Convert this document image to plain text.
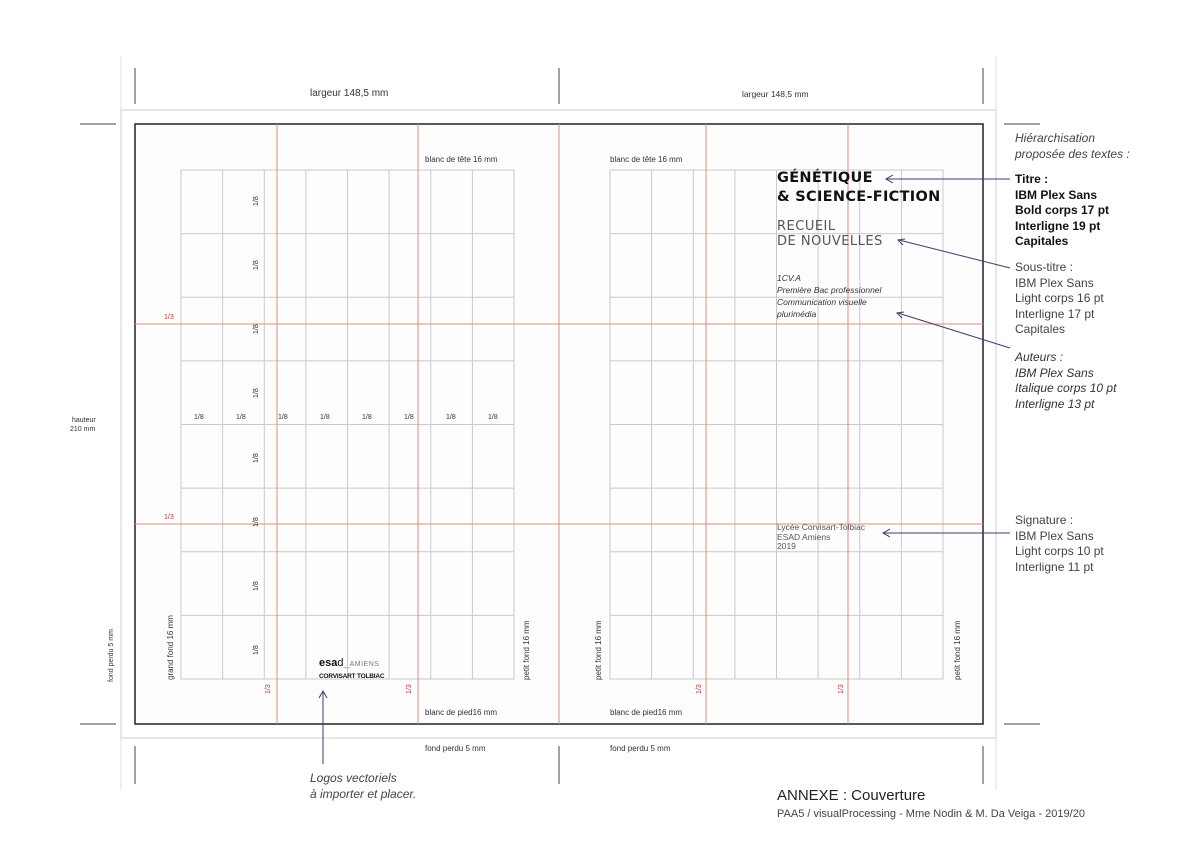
largeur 148,5 mm	largeur 148,5 mm
hauteur
210 mm
fond perdu 5 mm
fond perdu 5 mm	fond perdu 5 mm
blanc de tête 16 mm	blanc de tête 16 mm
blanc de pied16 mm	blanc de pied16 mm
grand fond 16 mm	petit fond 16 mm	petit fond 16 mm	petit fond 16 mm
1/8	1/8	1/8	1/8	1/8	1/8	1/8	1/8
1/8
1/8
1/8
1/8
1/8
1/8
1/8
1/8
1/3
1/3
1/3	1/3	1/3	1/3
esad_AMIENS
CORVISART TOLBIAC
GÉNÉTIQUE
& SCIENCE-FICTION
RECUEIL
DE NOUVELLES
1CV.A
Première Bac professionnel
Communication visuelle
plurimédia
Lycée Corvisart-Tolbiac
ESAD Amiens
2019
Hiérarchisation
proposée des textes :
Titre :
IBM Plex Sans
Bold corps 17 pt
Interligne 19 pt
Capitales
Sous-titre :
IBM Plex Sans
Light corps 16 pt
Interligne 17 pt
Capitales
Auteurs :
IBM Plex Sans
Italique corps 10 pt
Interligne 13 pt
Signature :
IBM Plex Sans
Light corps 10 pt
Interligne 11 pt
Logos vectoriels
à importer et placer.	ANNEXE : Couverture
PAA5 / visualProcessing - Mme Nodin & M. Da Veiga - 2019/20
